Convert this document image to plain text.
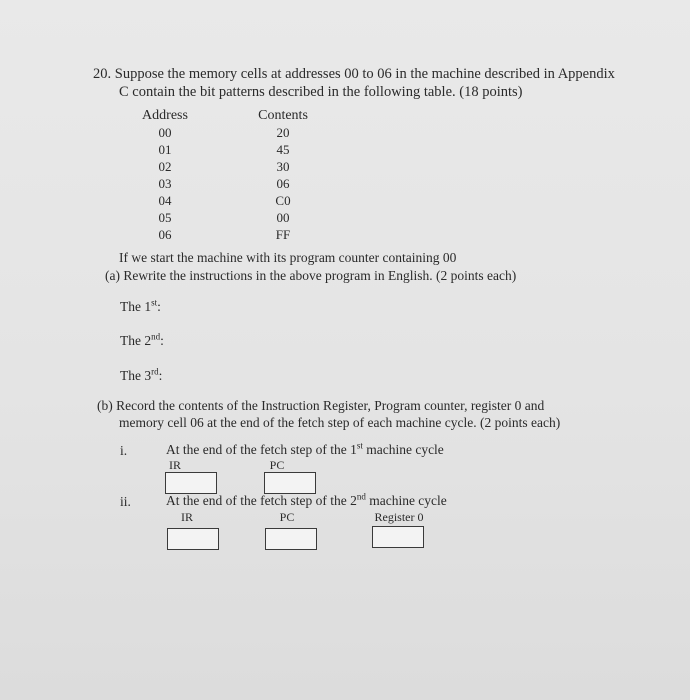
20. Suppose the memory cells at addresses 00 to 06 in the machine described in Appendix
C contain the bit patterns described in the following table. (18 points)
Address	Contents
00	20
01	45
02	30
03	06
04	C0
05	00
06	FF
If we start the machine with its program counter containing 00
(a) Rewrite the instructions in the above program in English. (2 points each)
The 1st:
The 2nd:
The 3rd:
(b) Record the contents of the Instruction Register, Program counter, register 0 and
memory cell 06 at the end of the fetch step of each machine cycle. (2 points each)
i.	At the end of the fetch step of the 1st machine cycle
IR	PC
ii.	At the end of the fetch step of the 2nd machine cycle
IR	PC	Register 0
